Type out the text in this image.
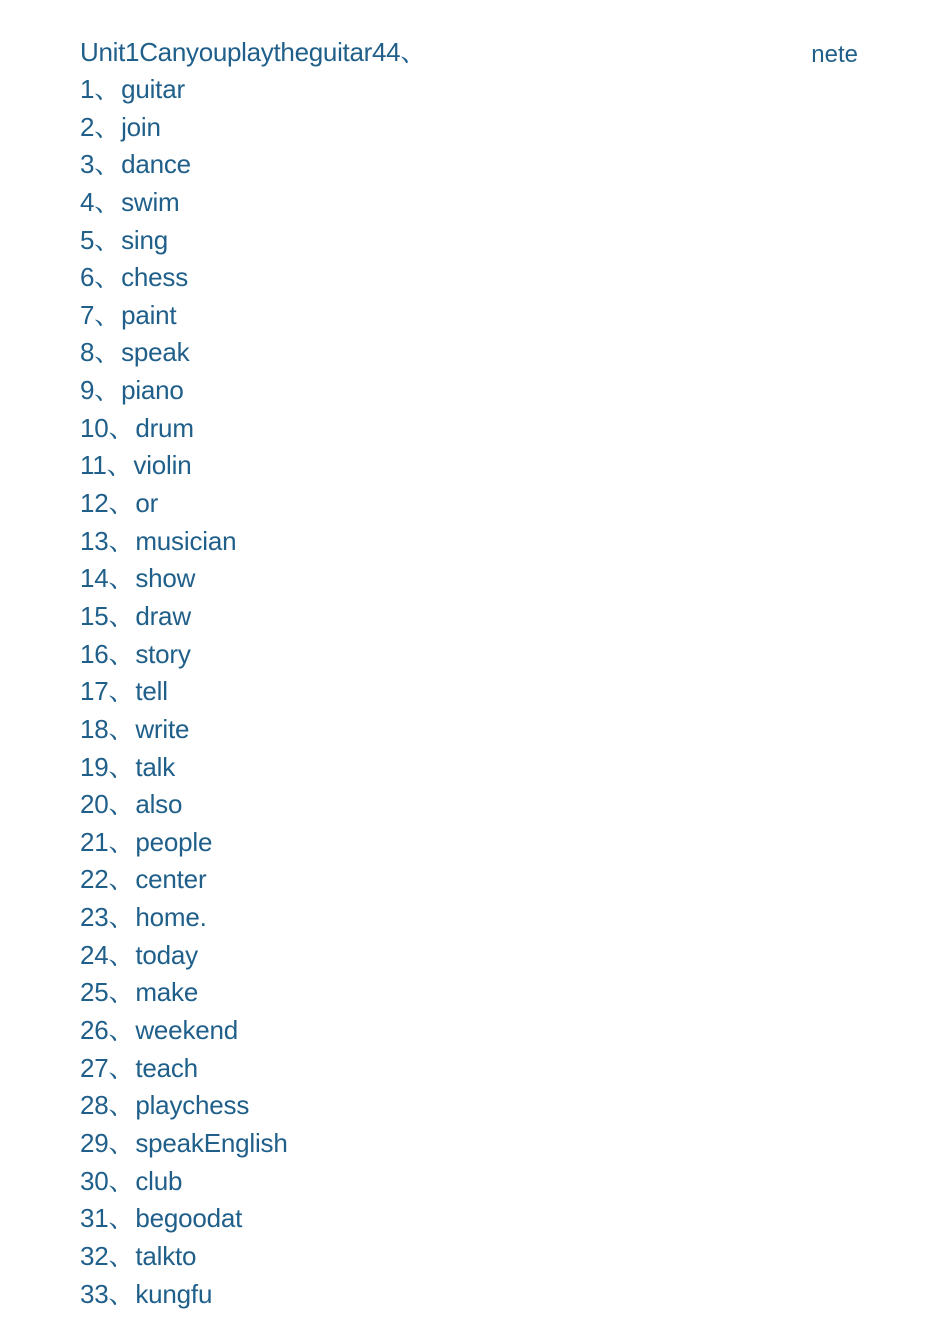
Unit1Canyouplaytheguitar44、	nete
1、guitar
2、join
3、dance
4、swim
5、sing
6、chess
7、paint
8、speak
9、piano
10、drum
11、violin
12、or
13、musician
14、show
15、draw
16、story
17、tell
18、write
19、talk
20、also
21、people
22、center
23、home.
24、today
25、make
26、weekend
27、teach
28、playchess
29、speakEnglish
30、club
31、begoodat
32、talkto
33、kungfu
